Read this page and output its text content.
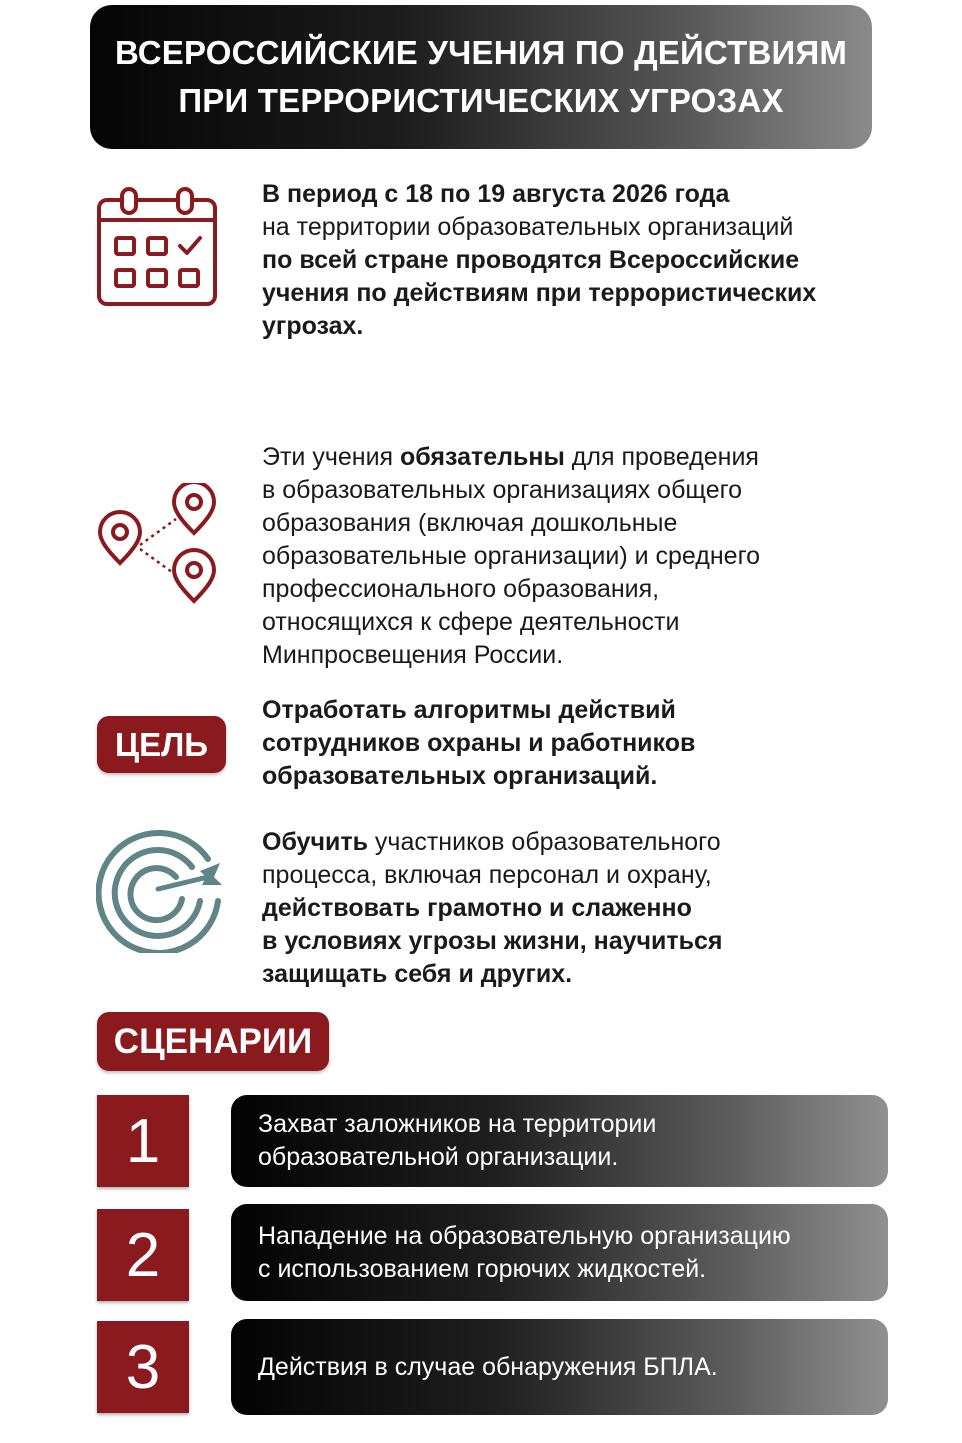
ВСЕРОССИЙСКИЕ УЧЕНИЯ ПО ДЕЙСТВИЯМ
ПРИ ТЕРРОРИСТИЧЕСКИХ УГРОЗАХ
В период с 18 по 19 августа 2026 года
на территории образовательных организаций
по всей стране проводятся Всероссийские
учения по действиям при террористических
угрозах.
Эти учения обязательны для проведения
в образовательных организациях общего
образования (включая дошкольные
образовательные организации) и среднего
профессионального образования,
относящихся к сфере деятельности
Минпросвещения России.
ЦЕЛЬ
Отработать алгоритмы действий
сотрудников охраны и работников
образовательных организаций.
Обучить участников образовательного
процесса, включая персонал и охрану,
действовать грамотно и слаженно
в условиях угрозы жизни, научиться
защищать себя и других.
СЦЕНАРИИ
1	Захват заложников на территории
образовательной организации.
2	Нападение на образовательную организацию
с использованием горючих жидкостей.
3	Действия в случае обнаружения БПЛА.
